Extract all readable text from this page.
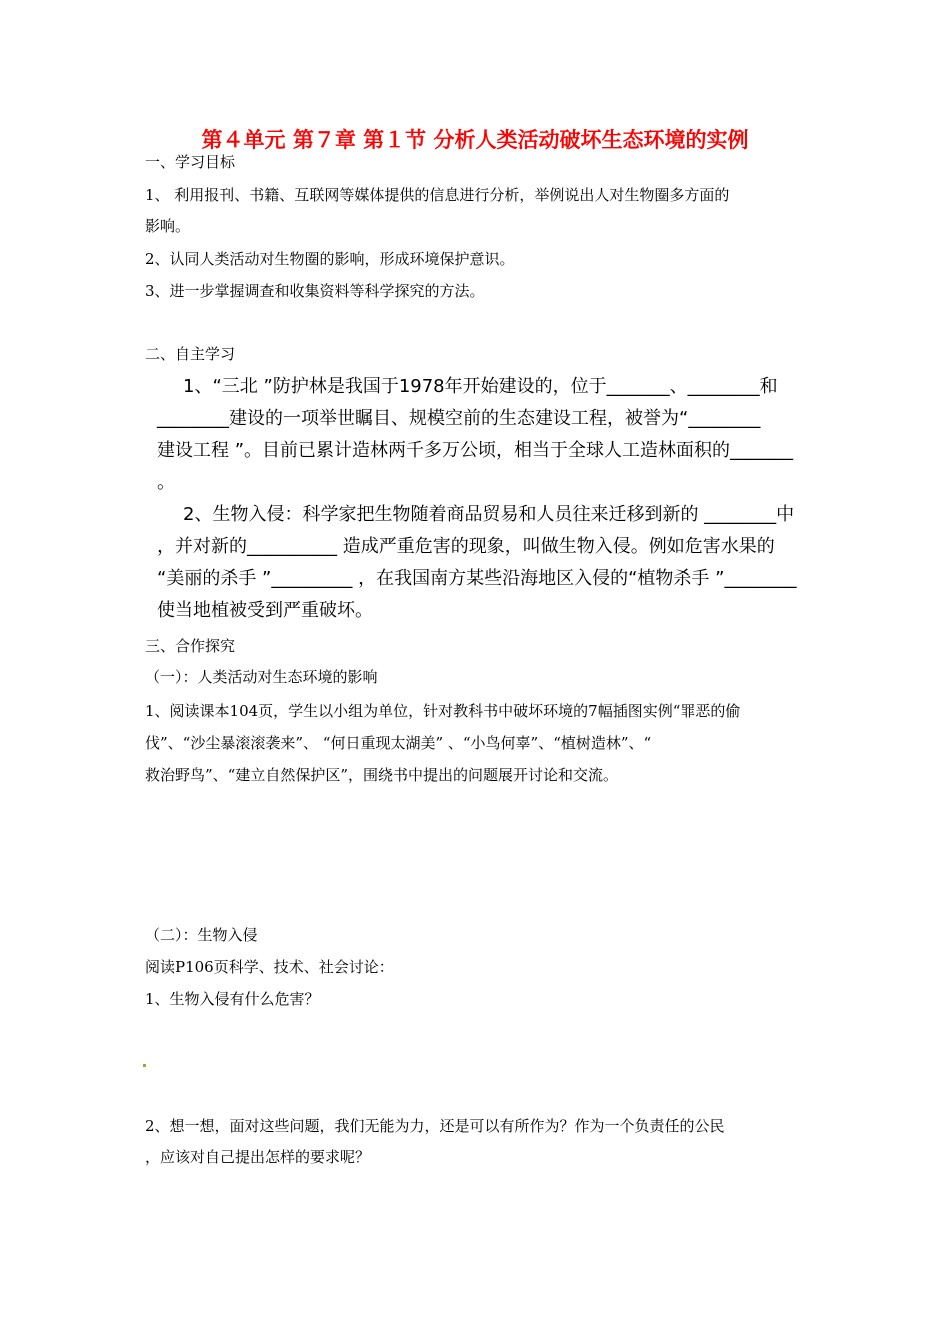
第４单元 第７章 第１节 分析人类活动破坏生态环境的实例
一、学习目标
1、 利用报刊、书籍、互联网等媒体提供的信息进行分析，举例说出人对生物圈多方面的
影响。
2、认同人类活动对生物圈的影响，形成环境保护意识。
3、进一步掌握调查和收集资料等科学探究的方法。
二、自主学习
1、“三北 ”防护林是我国于1978年开始建设的，位于_______、________和
________建设的一项举世瞩目、规模空前的生态建设工程，被誉为“________
建设工程 ”。目前已累计造林两千多万公顷，相当于全球人工造林面积的_______
。
2、生物入侵：科学家把生物随着商品贸易和人员往来迁移到新的 ________中
，并对新的__________ 造成严重危害的现象，叫做生物入侵。例如危害水果的
“美丽的杀手 ”_________ ，在我国南方某些沿海地区入侵的“植物杀手 ”________
使当地植被受到严重破坏。
三、合作探究
（一）：人类活动对生态环境的影响
1、阅读课本104页，学生以小组为单位，针对教科书中破坏环境的7幅插图实例“罪恶的偷
伐”、“沙尘暴滚滚袭来”、 “何日重现太湖美” 、“小鸟何辜”、“植树造林”、“
救治野鸟”、“建立自然保护区”，围绕书中提出的问题展开讨论和交流。
（二）：生物入侵
阅读P106页科学、技术、社会讨论：
1、生物入侵有什么危害？
2、想一想，面对这些问题，我们无能为力，还是可以有所作为？作为一个负责任的公民
，应该对自己提出怎样的要求呢？
